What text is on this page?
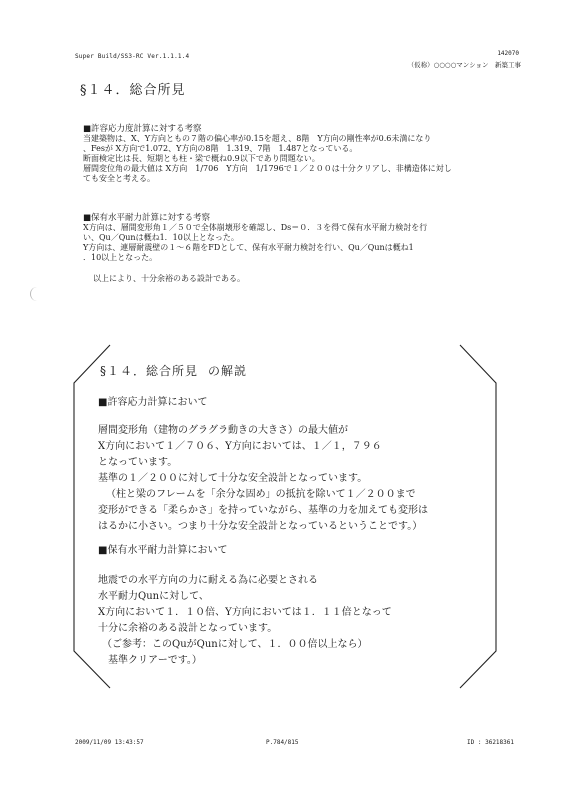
Super Build/SS3-RC Ver.1.1.1.4	142070
（仮称）○○○○マンション　新築工事
§１４．総合所見
■許容応力度計算に対する考察
当建築物は、X、Y方向ともの７階の偏心率が0.15を超え、8階　Y方向の剛性率が0.6未満になり
、Fesが X方向で1.072、Y方向の8階　1.319、7階　1.487となっている。
断面検定比は長、短期とも柱・梁で概ね0.9以下であり問題ない。
層間変位角の最大値は X方向　1/706　Y方向　1/1796で１／２００は十分クリアし、非構造体に対し
ても安全と考える。
■保有水平耐力計算に対する考察
X方向は、層間変形角１／５０で全体崩壊形を確認し、Ds＝０．３を得て保有水平耐力検討を行
い、Qu／Qunは概ね1．10以上となった。
Y方向は、連層耐震壁の１～６階をFDとして、保有水平耐力検討を行い、Qu／Qunは概ね1
．10以上となった。
以上により、十分余裕のある設計である。
§１４．総合所見 の解説
■許容応力計算において
層間変形角（建物のグラグラ動きの大きさ）の最大値が
X方向において１／７０６、Y方向においては、１／１，７９６
となっています。
基準の１／２００に対して十分な安全設計となっています。
（柱と梁のフレームを「余分な固め」の抵抗を除いて１／２００まで
変形ができる「柔らかさ」を持っていながら、基準の力を加えても変形は
はるかに小さい。つまり十分な安全設計となっているということです。）
■保有水平耐力計算において
地震での水平方向の力に耐える為に必要とされる
水平耐力Qunに対して、
X方向において１．１０倍、Y方向においては１．１１倍となって
十分に余裕のある設計となっています。
（ご参考：このQuがQunに対して、１．００倍以上なら）
　基準クリアーです。）
2009/11/09 13:43:57	P.784/815	ID : 36218361
